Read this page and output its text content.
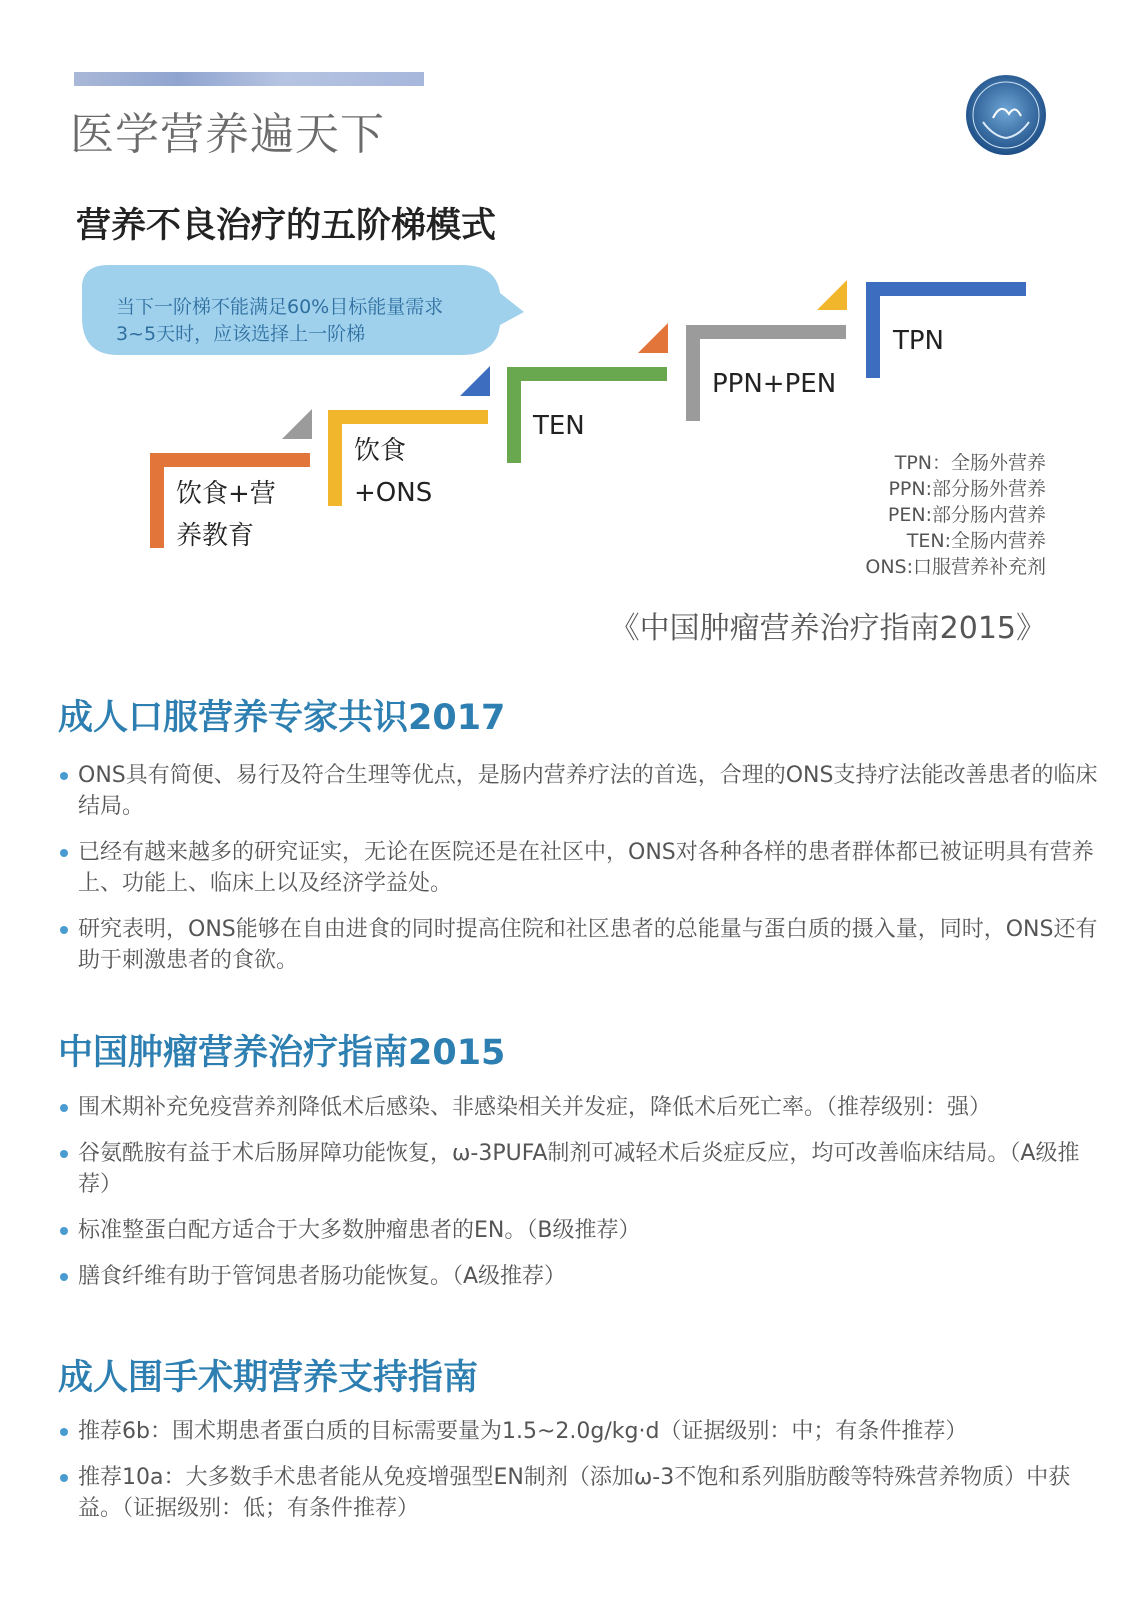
医学营养遍天下
营养不良治疗的五阶梯模式
当下一阶梯不能满足60%目标能量需求
3~5天时，应该选择上一阶梯
饮食+营
养教育
饮食
+ONS
TEN
PPN+PEN
TPN
TPN：全肠外营养
PPN:部分肠外营养
PEN:部分肠内营养
TEN:全肠内营养
ONS:口服营养补充剂
《中国肿瘤营养治疗指南2015》
成人口服营养专家共识2017
ONS具有简便、易行及符合生理等优点，是肠内营养疗法的首选，合理的ONS支持疗法能改善患者的临床结局。
已经有越来越多的研究证实，无论在医院还是在社区中，ONS对各种各样的患者群体都已被证明具有营养上、功能上、临床上以及经济学益处。
研究表明，ONS能够在自由进食的同时提高住院和社区患者的总能量与蛋白质的摄入量，同时，ONS还有助于刺激患者的食欲。
中国肿瘤营养治疗指南2015
围术期补充免疫营养剂降低术后感染、非感染相关并发症，降低术后死亡率。（推荐级别：强）
谷氨酰胺有益于术后肠屏障功能恢复，ω-3PUFA制剂可减轻术后炎症反应，均可改善临床结局。（A级推荐）
标准整蛋白配方适合于大多数肿瘤患者的EN。（B级推荐）
膳食纤维有助于管饲患者肠功能恢复。（A级推荐）
成人围手术期营养支持指南
推荐6b：围术期患者蛋白质的目标需要量为1.5~2.0g/kg·d（证据级别：中；有条件推荐）
推荐10a：大多数手术患者能从免疫增强型EN制剂（添加ω-3不饱和系列脂肪酸等特殊营养物质）中获益。（证据级别：低；有条件推荐）
